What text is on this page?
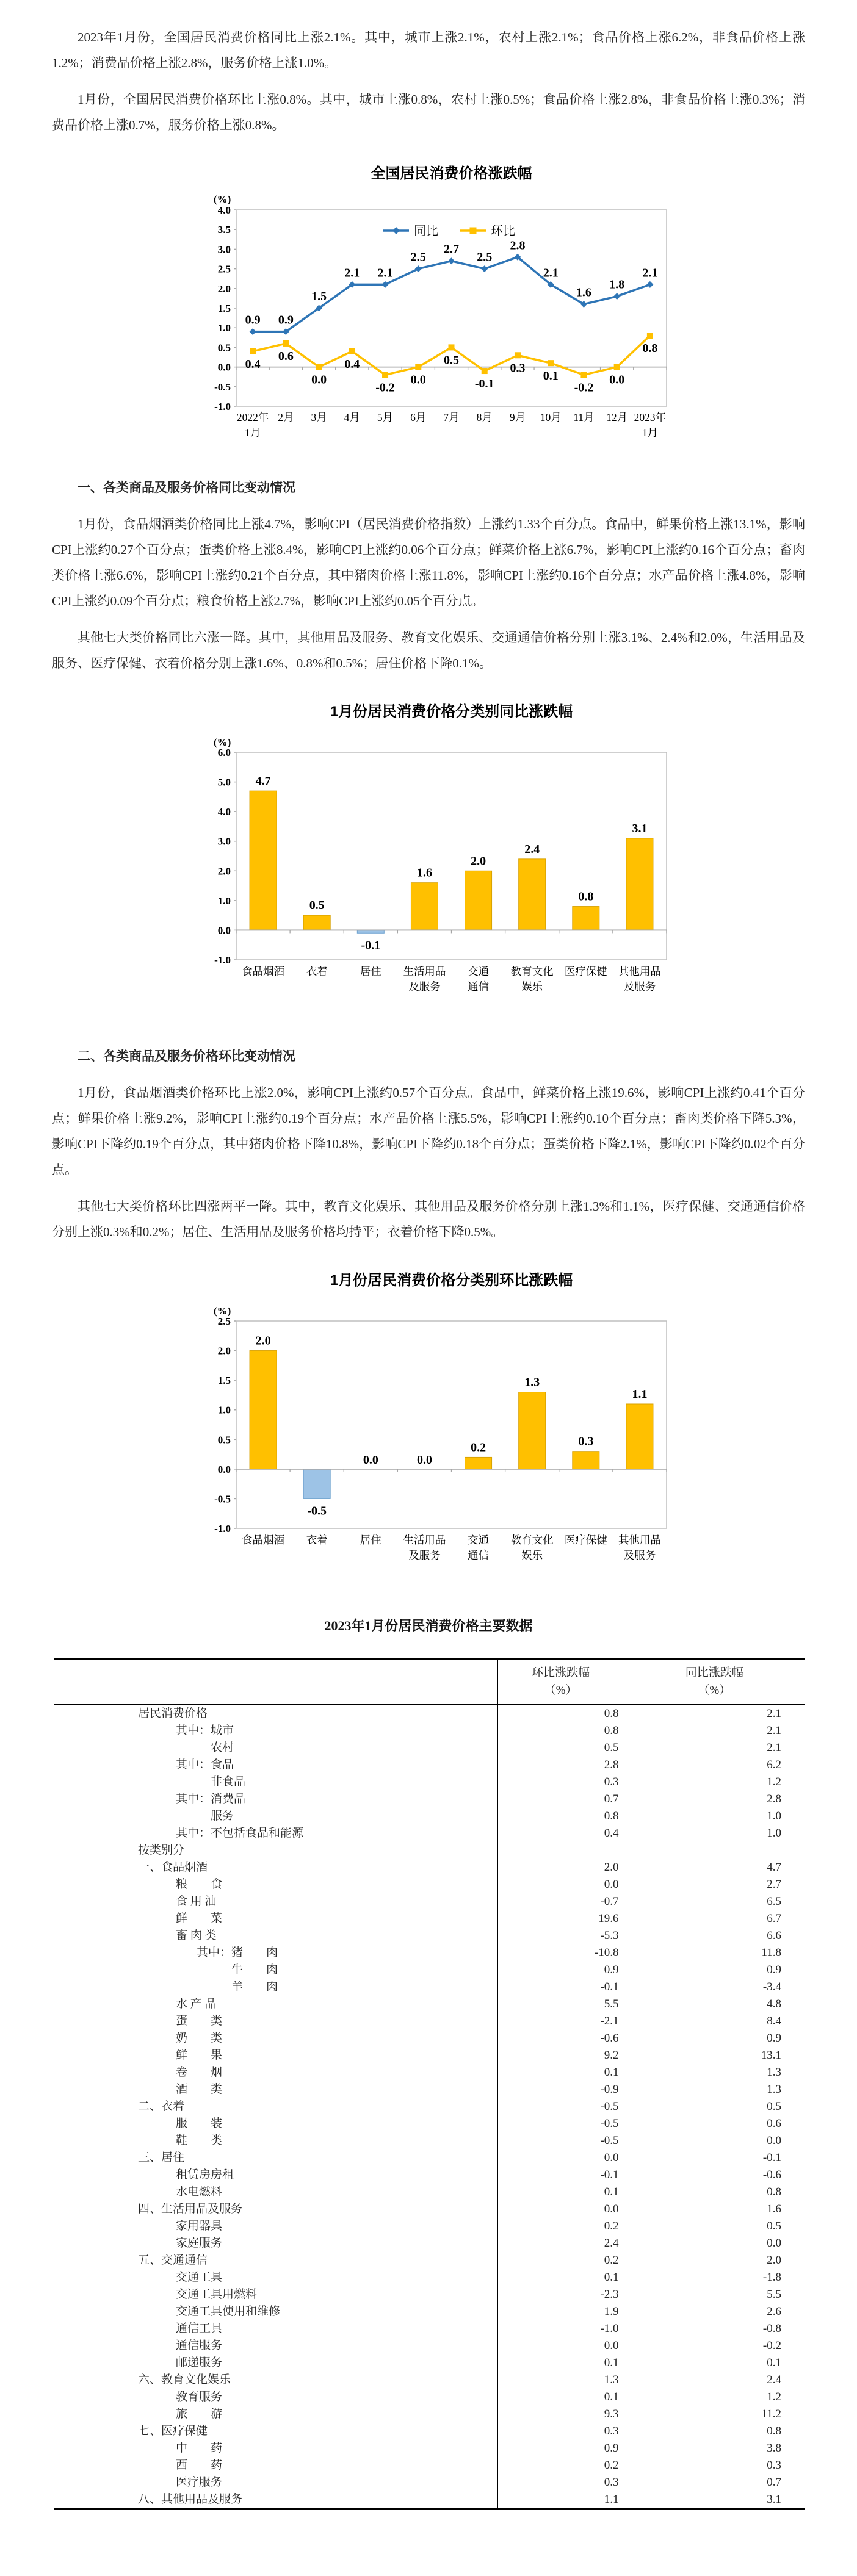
2023年1月份，全国居民消费价格同比上涨2.1%。其中，城市上涨2.1%，农村上涨2.1%；食品价格上涨6.2%，非食品价格上涨1.2%；消费品价格上涨2.8%，服务价格上涨1.0%。

1月份，全国居民消费价格环比上涨0.8%。其中，城市上涨0.8%，农村上涨0.5%；食品价格上涨2.8%，非食品价格上涨0.3%；消费品价格上涨0.7%，服务价格上涨0.8%。

全国居民消费价格涨跌幅
(%)
4.0
3.5
3.0
2.5
2.0
1.5
1.0
0.5
0.0
-0.5
-1.0
2022年
1月
2月 3月 4月 5月 6月 7月 8月 9月 10月 11月 12月 2023年
1月
同比	环比
0.9 0.9
1.5
2.1 2.1
2.5
2.7
2.5
2.8
2.1
1.6
1.8
2.1
0.4
0.6
0.0
0.4
-0.2
0.0
0.5
-0.1
0.3
0.1
-0.2
0.0
0.8

一、各类商品及服务价格同比变动情况

1月份，食品烟酒类价格同比上涨4.7%，影响CPI（居民消费价格指数）上涨约1.33个百分点。食品中，鲜果价格上涨13.1%，影响CPI上涨约0.27个百分点；蛋类价格上涨8.4%，影响CPI上涨约0.06个百分点；鲜菜价格上涨6.7%，影响CPI上涨约0.16个百分点；畜肉类价格上涨6.6%，影响CPI上涨约0.21个百分点，其中猪肉价格上涨11.8%，影响CPI上涨约0.16个百分点；水产品价格上涨4.8%，影响CPI上涨约0.09个百分点；粮食价格上涨2.7%，影响CPI上涨约0.05个百分点。

其他七大类价格同比六涨一降。其中，其他用品及服务、教育文化娱乐、交通通信价格分别上涨3.1%、2.4%和2.0%，生活用品及服务、医疗保健、衣着价格分别上涨1.6%、0.8%和0.5%；居住价格下降0.1%。

1月份居民消费价格分类别同比涨跌幅
(%)
6.0
5.0
4.0
3.0
2.0
1.0
0.0
-1.0
4.7
0.5
-0.1
1.6
2.0
2.4
0.8
3.1
食品烟酒 衣着	居住 生活用品
及服务
交通
通信
教育文化
娱乐
医疗保健 其他用品
及服务

二、各类商品及服务价格环比变动情况

1月份，食品烟酒类价格环比上涨2.0%，影响CPI上涨约0.57个百分点。食品中，鲜菜价格上涨19.6%，影响CPI上涨约0.41个百分点；鲜果价格上涨9.2%，影响CPI上涨约0.19个百分点；水产品价格上涨5.5%，影响CPI上涨约0.10个百分点；畜肉类价格下降5.3%，影响CPI下降约0.19个百分点，其中猪肉价格下降10.8%，影响CPI下降约0.18个百分点；蛋类价格下降2.1%，影响CPI下降约0.02个百分点。

其他七大类价格环比四涨两平一降。其中，教育文化娱乐、其他用品及服务价格分别上涨1.3%和1.1%，医疗保健、交通通信价格分别上涨0.3%和0.2%；居住、生活用品及服务价格均持平；衣着价格下降0.5%。

1月份居民消费价格分类别环比涨跌幅
(%)
2.5
2.0
1.5
1.0
0.5
0.0
-0.5
-1.0
2.0
-0.5
0.0	0.0
0.2
1.3
0.3
1.1
食品烟酒 衣着	居住 生活用品
及服务
交通
通信
教育文化
娱乐
医疗保健 其他用品
及服务
2023年1月份居民消费价格主要数据

环比涨跌幅
（%）

同比涨跌幅
（%）

居民消费价格	0.8	2.1
其中：城市	0.8	2.1
农村	0.5	2.1
其中：食品	2.8	6.2
非食品	0.3	1.2
其中：消费品	0.7	2.8
服务	0.8	1.0
其中：不包括食品和能源	0.4	1.0
按类别分		
一、食品烟酒	2.0	4.7
粮　　食	0.0	2.7
食 用 油	-0.7	6.5
鲜　　菜	19.6	6.7
畜 肉 类	-5.3	6.6
其中：猪　　肉	-10.8	11.8
牛　　肉	0.9	0.9
羊　　肉	-0.1	-3.4
水 产 品	5.5	4.8
蛋　　类	-2.1	8.4
奶　　类	-0.6	0.9
鲜　　果	9.2	13.1
卷　　烟	0.1	1.3
酒　　类	-0.9	1.3
二、衣着	-0.5	0.5
服　　装	-0.5	0.6
鞋　　类	-0.5	0.0
三、居住	0.0	-0.1
租赁房房租	-0.1	-0.6
水电燃料	0.1	0.8
四、生活用品及服务	0.0	1.6
家用器具	0.2	0.5
家庭服务	2.4	0.0
五、交通通信	0.2	2.0
交通工具	0.1	-1.8
交通工具用燃料	-2.3	5.5
交通工具使用和维修	1.9	2.6
通信工具	-1.0	-0.8
通信服务	0.0	-0.2
邮递服务	0.1	0.1
六、教育文化娱乐	1.3	2.4
教育服务	0.1	1.2
旅　　游	9.3	11.2
七、医疗保健	0.3	0.8
中　　药	0.9	3.8
西　　药	0.2	0.3
医疗服务	0.3	0.7
八、其他用品及服务	1.1	3.1
